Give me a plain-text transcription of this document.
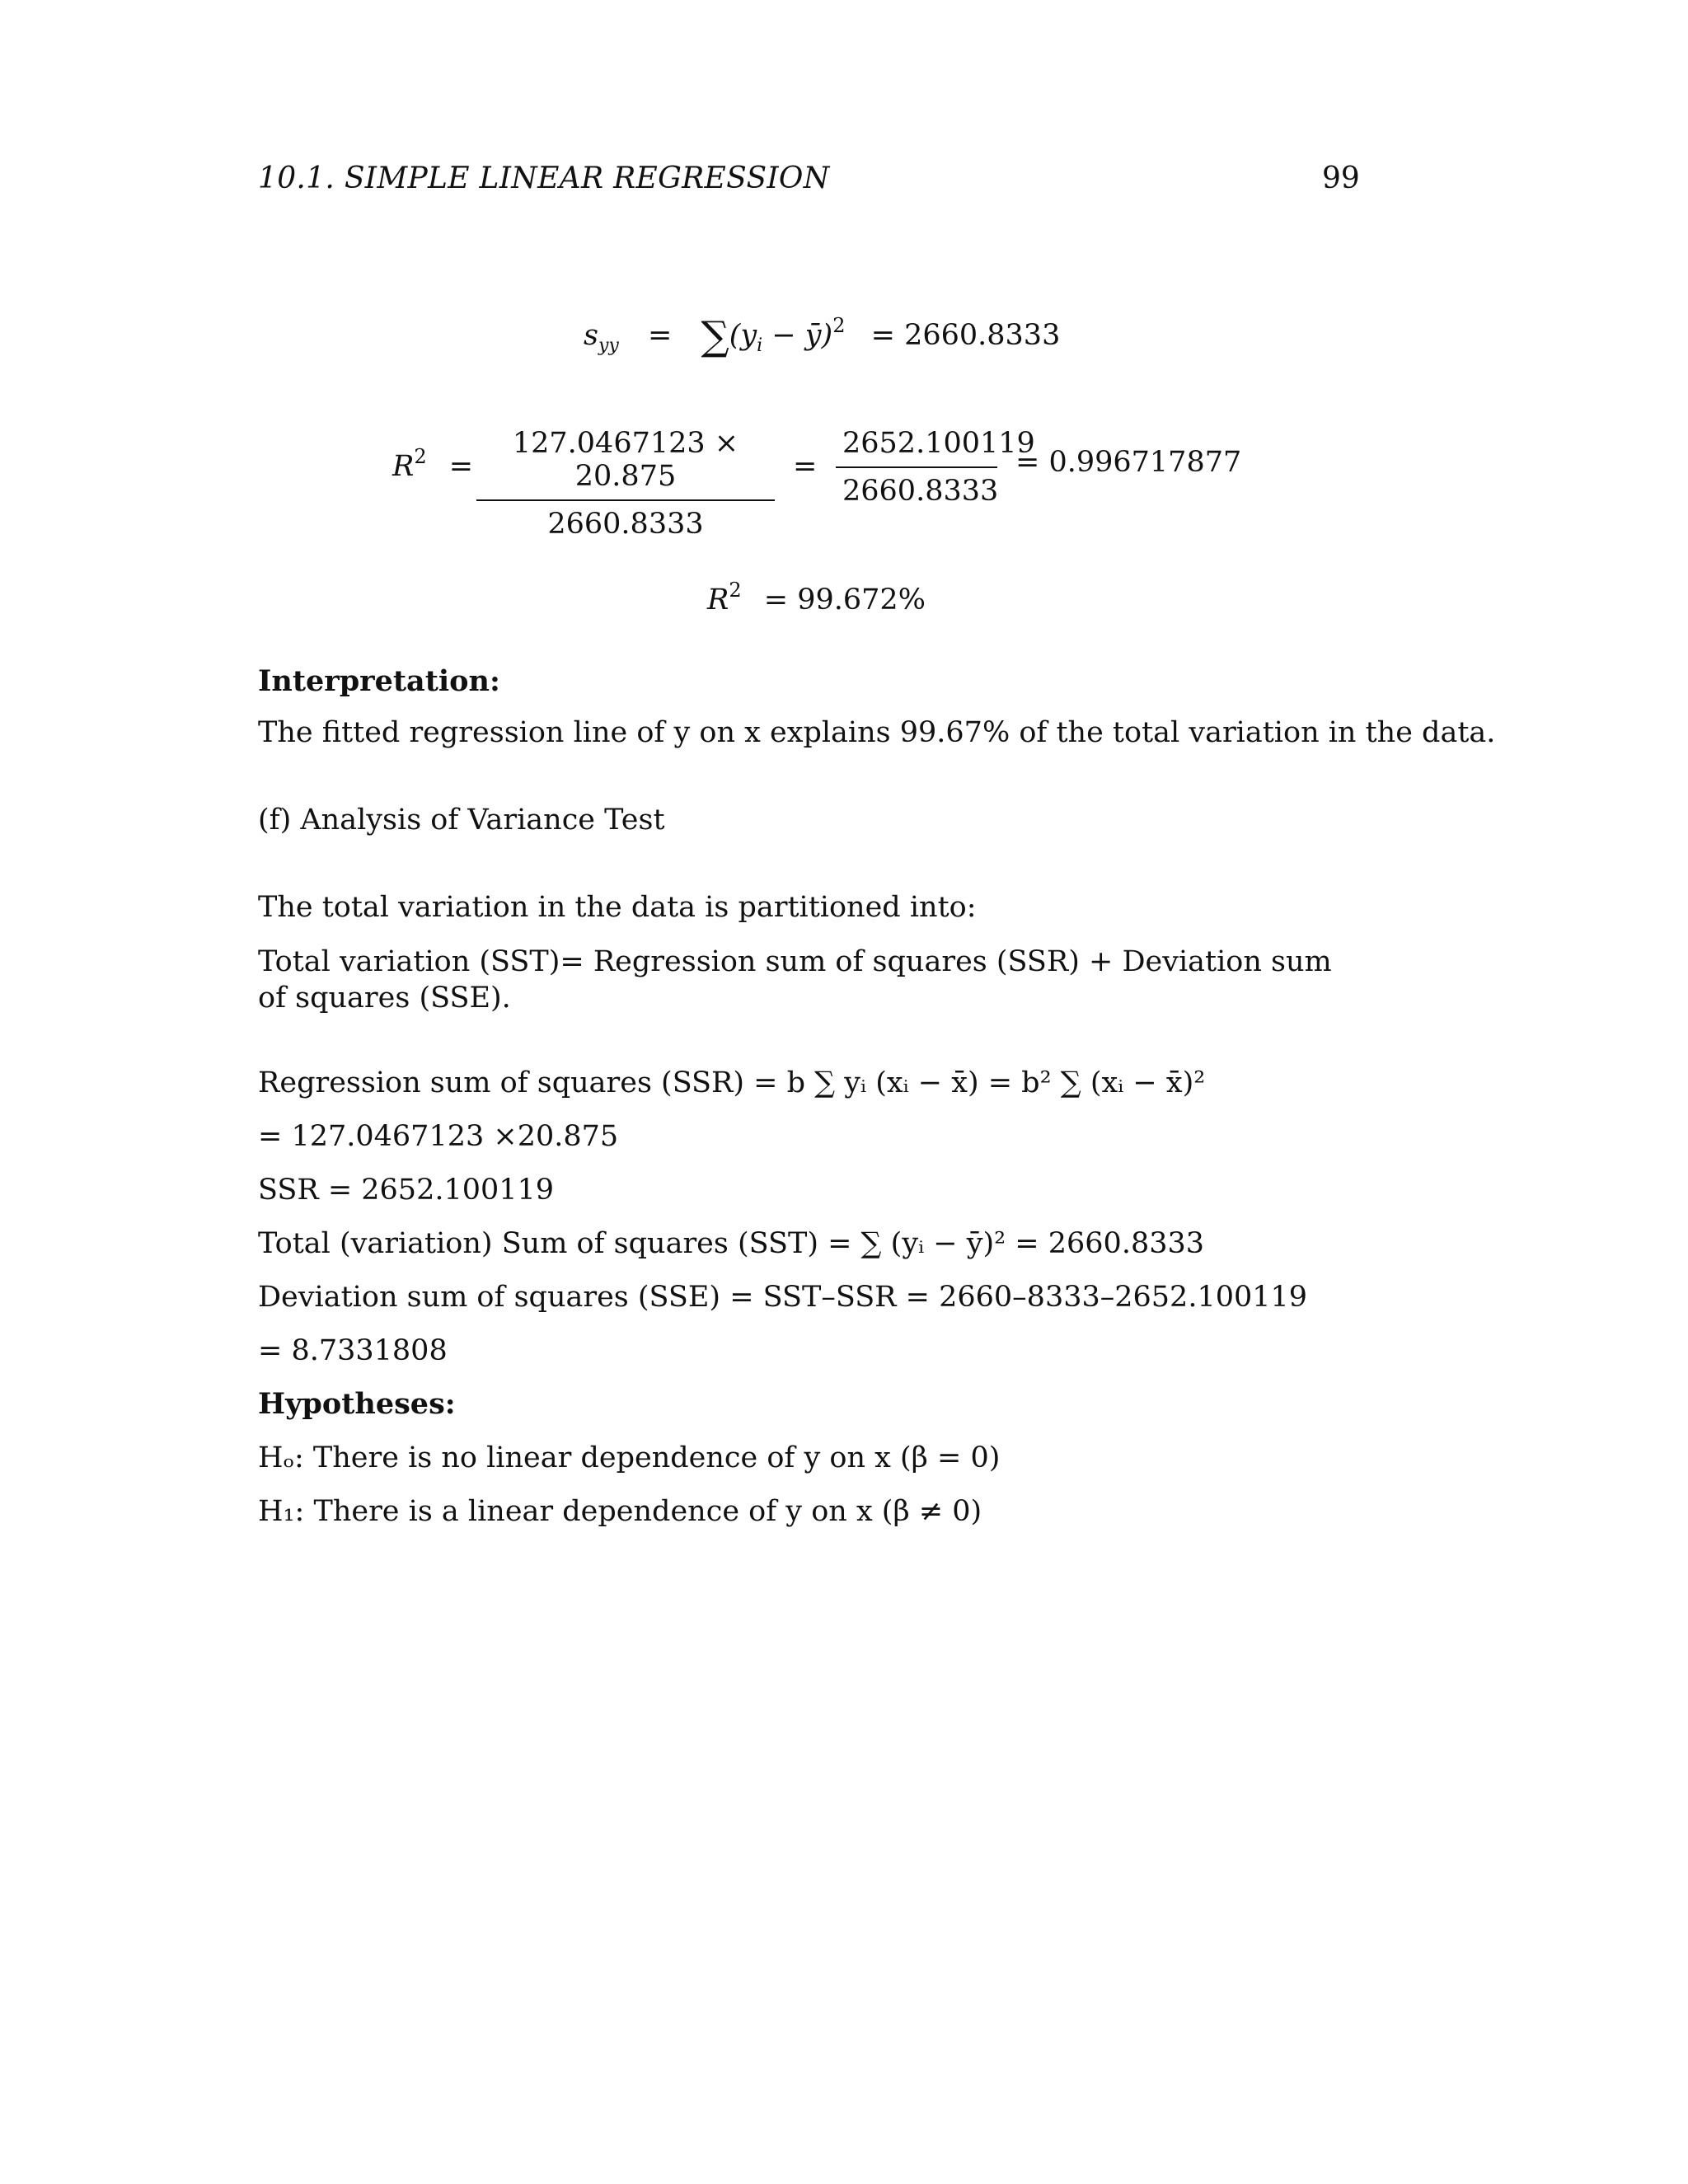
10.1. SIMPLE LINEAR REGRESSION	99
$s_{yy} = \sum(y_i$ − ȳ)$^2$ = 2660.8333
$R^2$ =
127.0467123 × 20.875
2660.8333
=
2652.100119
2660.8333
= 0.996717877
$R^2 = 99.672\%$
Interpretation:
The fitted regression line of y on x explains 99.67% of the total variation in the data.
(f) Analysis of Variance Test
The total variation in the data is partitioned into:
Total variation (SST)= Regression sum of squares (SSR) + Deviation sum of squares (SSE).
Regression sum of squares (SSR) = b ∑ yᵢ (xᵢ − x̄) = b² ∑ (xᵢ − x̄)²
= 127.0467123 ×20.875
SSR = 2652.100119
Total (variation) Sum of squares (SST) = ∑ (yᵢ − ȳ)² = 2660.8333
Deviation sum of squares (SSE) = SST–SSR = 2660–8333–2652.100119
= 8.7331808
Hypotheses:
Hₒ: There is no linear dependence of y on x (β = 0)
H₁: There is a linear dependence of y on x (β ≠ 0)
